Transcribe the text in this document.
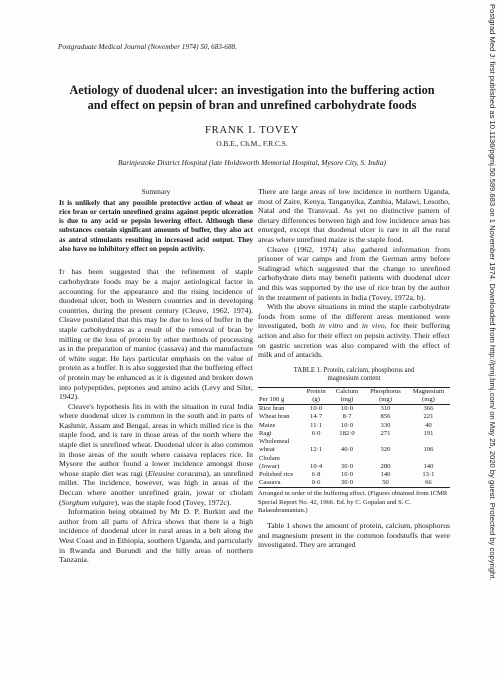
Postgrad Med J: first published as 10.1136/pgmj.50.589.683 on 1 November 1974. Downloaded from http://pmj.bmj.com/ on May 25, 2020 by guest. Protected by copyright.
Postgraduate Medical Journal (November 1974) 50, 683-688.
Aetiology of duodenal ulcer: an investigation into the buffering action and effect on pepsin of bran and unrefined carbohydrate foods
FRANK I. TOVEY
O.B.E., Ch.M., F.R.C.S.
Barinjestoke District Hospital (late Holdsworth Memorial Hospital, Mysore City, S. India)
Summary

It is unlikely that any possible protective action of wheat or rice bran or certain unrefined grains against peptic ulceration is due to any acid or pepsin lowering effect. Although these substances contain significant amounts of buffer, they also act as antral stimulants resulting in increased acid output. They also have no inhibitory effect on pepsin activity.

It has been suggested that the refinement of staple carbohydrate foods may be a major aetiological factor in accounting for the appearance and the rising incidence of duodenal ulcer, both in Western countries and in developing countries, during the present century (Cleave, 1962, 1974). Cleave postulated that this may be due to loss of buffer in the staple carbohydrates as a result of the removal of bran by milling or the loss of protein by other methods of processing as in the preparation of manioc (cassava) and the manufacture of white sugar. He lays particular emphasis on the value of protein as a buffer. It is also suggested that the buffering effect of protein may be enhanced as it is digested and broken down into polypeptides, peptones and amino acids (Levy and Siler, 1942).

Cleave's hypothesis fits in with the situation in rural India where duodenal ulcer is common in the south and in parts of Kashmir, Assam and Bengal, areas in which milled rice is the staple food, and is rare in those areas of the north where the staple diet is unrefined wheat. Duodenal ulcer is also common in those areas of the south where cassava replaces rice. In Mysore the author found a lower incidence amongst those whose staple diet was ragi (Eleusine coracana), an unrefined millet. The incidence, however, was high in areas of the Deccan where another unrefined grain, jowar or cholam (Sorghum vulgare), was the staple food (Tovey, 1972c).

Information being obtained by Mr D. P. Burkitt and the author from all parts of Africa shows that there is a high incidence of duodenal ulcer in rural areas in a belt along the West Coast and in Ethiopia, southern Uganda, and particularly in Rwanda and Burundi and the hilly areas of northern Tanzania.

There are large areas of low incidence in northern Uganda, most of Zaire, Kenya, Tanganyika, Zambia, Malawi, Lesotho, Natal and the Transvaal. As yet no distinctive pattern of dietary differences between high and low incidence areas has emerged, except that duodenal ulcer is rare in all the rural areas where unrefined maize is the staple food.

Cleave (1962, 1974) also gathered information from prisoner of war camps and from the German army before Stalingrad which suggested that the change to unrefined carbohydrate diets may benefit patients with duodenal ulcer and this was supported by the use of rice bran by the author in the treatment of patients in India (Tovey, 1972a, b).

With the above situations in mind the staple carbohydrate foods from some of the different areas mentioned were investigated, both in vitro and in vivo, for their buffering action and also for their effect on pepsin activity. Their effect on gastric secretion was also compared with the effect of milk and of antacids.

TABLE 1. Protein, calcium, phosphorus and
magnesium content
Per 100 g	Protein (g)	Calcium (mg)	Phosphorus (mg)	Magnesium (mg)
Rice bran	10·0	10·0	310	366
Wheat bran	14·7	8·7	856	221
Maize	11·1	10·0	330	40
Ragi	6·0	182·0	271	191
Wholemeal wheat	12·1	40·0	320	106
Cholam (Jowar)	10·4	30·0	280	140
Polished rice	6·8	10·0	140	13·1
Cassava	0·6	30·0	50	66
Arranged in order of the buffering effect. (Figures obtained from ICMR Special Report No. 42, 1966. Ed. by C. Gopalan and S. C. Balasubramanian.)

Table 1 shows the amount of protein, calcium, phosphorus and magnesium present in the common foodstuffs that were investigated. They are arranged
